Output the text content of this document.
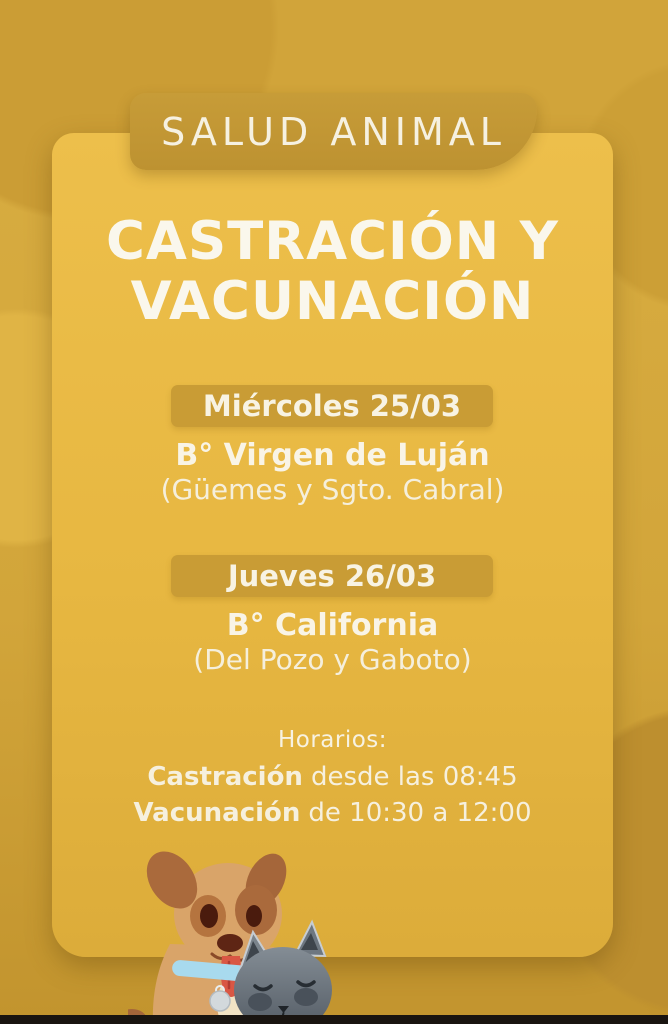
CASTRACIÓN Y
VACUNACIÓN
Miércoles 25/03
B° Virgen de Luján
(Güemes y Sgto. Cabral)
Jueves 26/03
B° California
(Del Pozo y Gaboto)
Horarios:
Castración desde las 08:45
Vacunación de 10:30 a 12:00
SALUD ANIMAL
